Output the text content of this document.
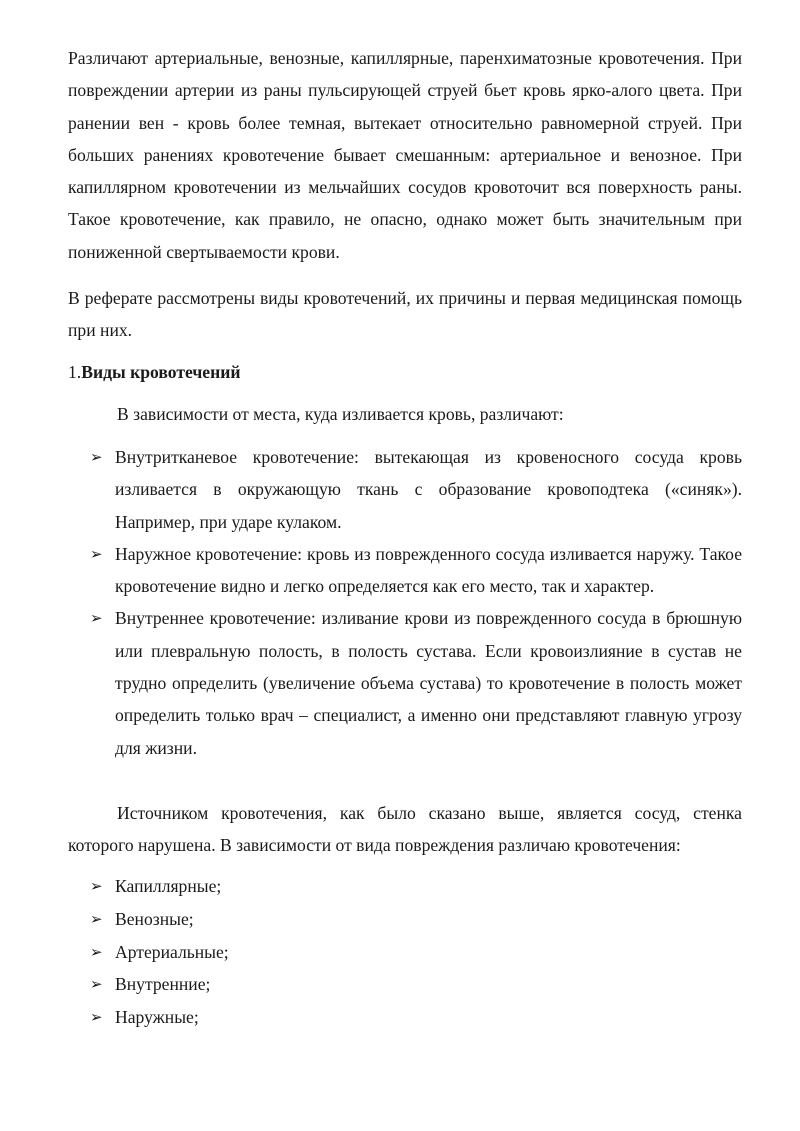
Различают артериальные, венозные, капиллярные, паренхиматозные кровотечения. При повреждении артерии из раны пульсирующей струей бьет кровь ярко-алого цвета. При ранении вен - кровь более темная, вытекает относительно равномерной струей. При больших ранениях кровотечение бывает смешанным: артериальное и венозное. При капиллярном кровотечении из мельчайших сосудов кровоточит вся поверхность раны. Такое кровотечение, как правило, не опасно, однако может быть значительным при пониженной свертываемости крови.

В реферате рассмотрены виды кровотечений, их причины и первая медицинская помощь при них.

1.Виды кровотечений

В зависимости от места, куда изливается кровь, различают:

➢ Внутритканевое кровотечение: вытекающая из кровеносного сосуда кровь изливается в окружающую ткань с образование кровоподтека («синяк»). Например, при ударе кулаком.
➢ Наружное кровотечение: кровь из поврежденного сосуда изливается наружу. Такое кровотечение видно и легко определяется как его место, так и характер.
➢ Внутреннее кровотечение: изливание крови из поврежденного сосуда в брюшную или плевральную полость, в полость сустава. Если кровоизлияние в сустав не трудно определить (увеличение объема сустава) то кровотечение в полость может определить только врач – специалист, а именно они представляют главную угрозу для жизни.

Источником кровотечения, как было сказано выше, является сосуд, стенка которого нарушена. В зависимости от вида повреждения различаю кровотечения:

➢ Капиллярные;
➢ Венозные;
➢ Артериальные;
➢ Внутренние;
➢ Наружные;
